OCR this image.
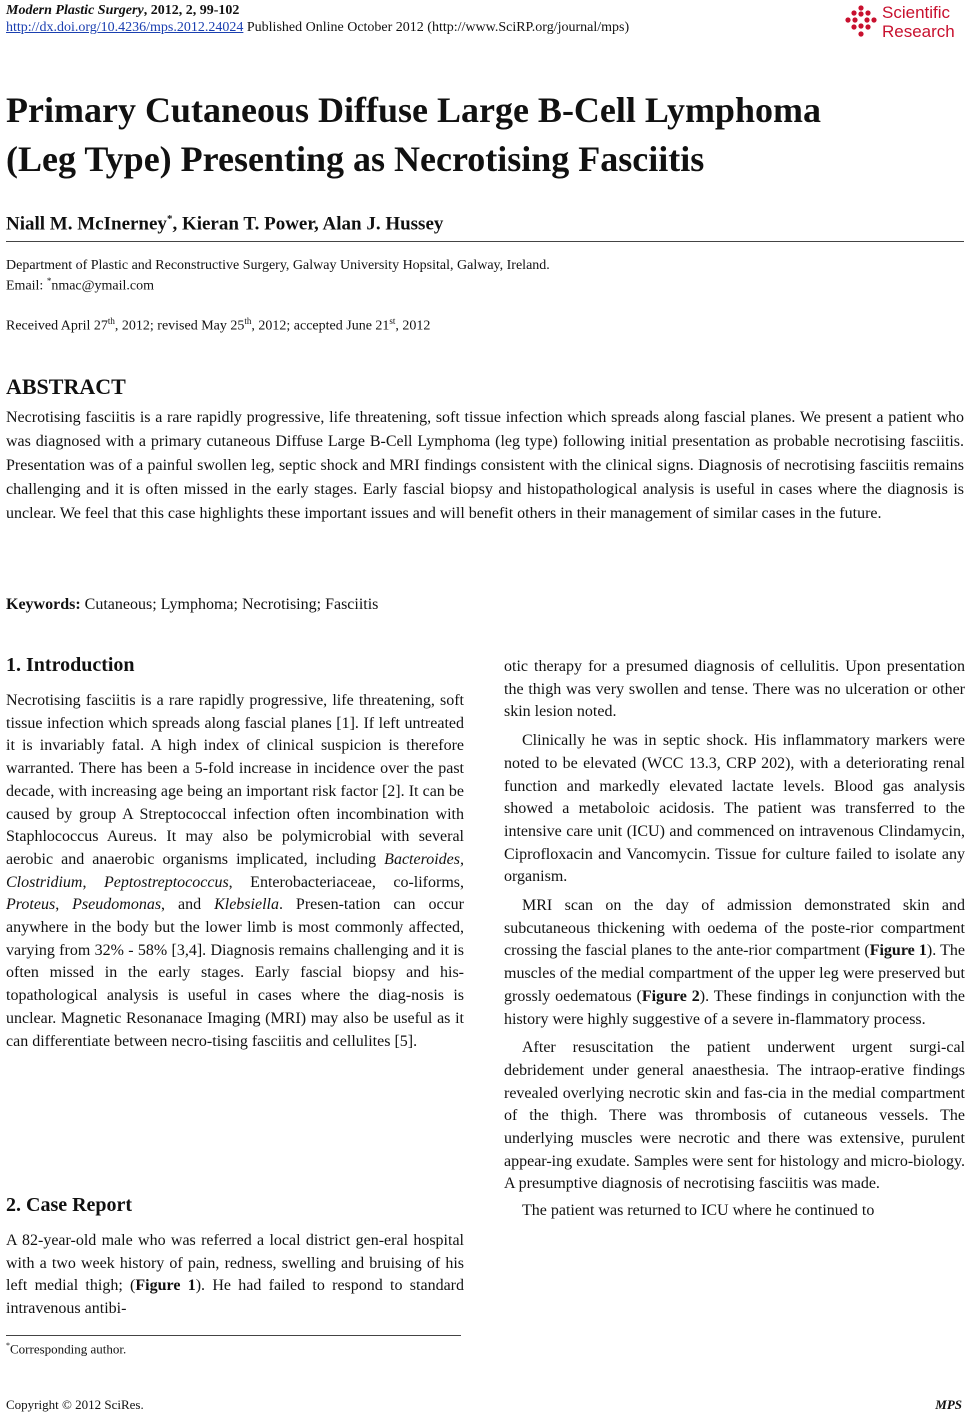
Modern Plastic Surgery, 2012, 2, 99-102
http://dx.doi.org/10.4236/mps.2012.24024 Published Online October 2012 (http://www.SciRP.org/journal/mps)
Scientific
Research
Primary Cutaneous Diffuse Large B-Cell Lymphoma
(Leg Type) Presenting as Necrotising Fasciitis
Niall M. McInerney*, Kieran T. Power, Alan J. Hussey
Department of Plastic and Reconstructive Surgery, Galway University Hopsital, Galway, Ireland.
Email: *nmac@ymail.com
Received April 27th, 2012; revised May 25th, 2012; accepted June 21st, 2012
ABSTRACT
Necrotising fasciitis is a rare rapidly progressive, life threatening, soft tissue infection which spreads along fascial planes. We present a patient who was diagnosed with a primary cutaneous Diffuse Large B-Cell Lymphoma (leg type) following initial presentation as probable necrotising fasciitis. Presentation was of a painful swollen leg, septic shock and MRI findings consistent with the clinical signs. Diagnosis of necrotising fasciitis remains challenging and it is often missed in the early stages. Early fascial biopsy and histopathological analysis is useful in cases where the diagnosis is unclear. We feel that this case highlights these important issues and will benefit others in their management of similar cases in the future.
Keywords: Cutaneous; Lymphoma; Necrotising; Fasciitis
1. Introduction

Necrotising fasciitis is a rare rapidly progressive, life threatening, soft tissue infection which spreads along fascial planes [1]. If left untreated it is invariably fatal. A high index of clinical suspicion is therefore warranted. There has been a 5-fold increase in incidence over the past decade, with increasing age being an important risk factor [2]. It can be caused by group A Streptococcal infection often incombination with Staphlococcus Aureus. It may also be polymicrobial with several aerobic and anaerobic organisms implicated, including Bacteroides, Clostridium, Peptostreptococcus, Enterobacteriaceae, co-liforms, Proteus, Pseudomonas, and Klebsiella. Presen-tation can occur anywhere in the body but the lower limb is most commonly affected, varying from 32% - 58% [3,4]. Diagnosis remains challenging and it is often missed in the early stages. Early fascial biopsy and his-topathological analysis is useful in cases where the diag-nosis is unclear. Magnetic Resonanace Imaging (MRI) may also be useful as it can differentiate between necro-tising fasciitis and cellulites [5].

2. Case Report

A 82-year-old male who was referred a local district gen-eral hospital with a two week history of pain, redness, swelling and bruising of his left medial thigh; (Figure 1). He had failed to respond to standard intravenous antibi-

*Corresponding author.

otic therapy for a presumed diagnosis of cellulitis. Upon presentation the thigh was very swollen and tense. There was no ulceration or other skin lesion noted.

Clinically he was in septic shock. His inflammatory markers were noted to be elevated (WCC 13.3, CRP 202), with a deteriorating renal function and markedly elevated lactate levels. Blood gas analysis showed a metaboloic acidosis. The patient was transferred to the intensive care unit (ICU) and commenced on intravenous Clindamycin, Ciprofloxacin and Vancomycin. Tissue for culture failed to isolate any organism.

MRI scan on the day of admission demonstrated skin and subcutaneous thickening with oedema of the poste-rior compartment crossing the fascial planes to the ante-rior compartment (Figure 1). The muscles of the medial compartment of the upper leg were preserved but grossly oedematous (Figure 2). These findings in conjunction with the history were highly suggestive of a severe in-flammatory process.

After resuscitation the patient underwent urgent surgi-cal debridement under general anaesthesia. The intraop-erative findings revealed overlying necrotic skin and fas-cia in the medial compartment of the thigh. There was thrombosis of cutaneous vessels. The underlying muscles were necrotic and there was extensive, purulent appear-ing exudate. Samples were sent for histology and micro-biology. A presumptive diagnosis of necrotising fasciitis was made.

The patient was returned to ICU where he continued to

Copyright © 2012 SciRes.	MPS
